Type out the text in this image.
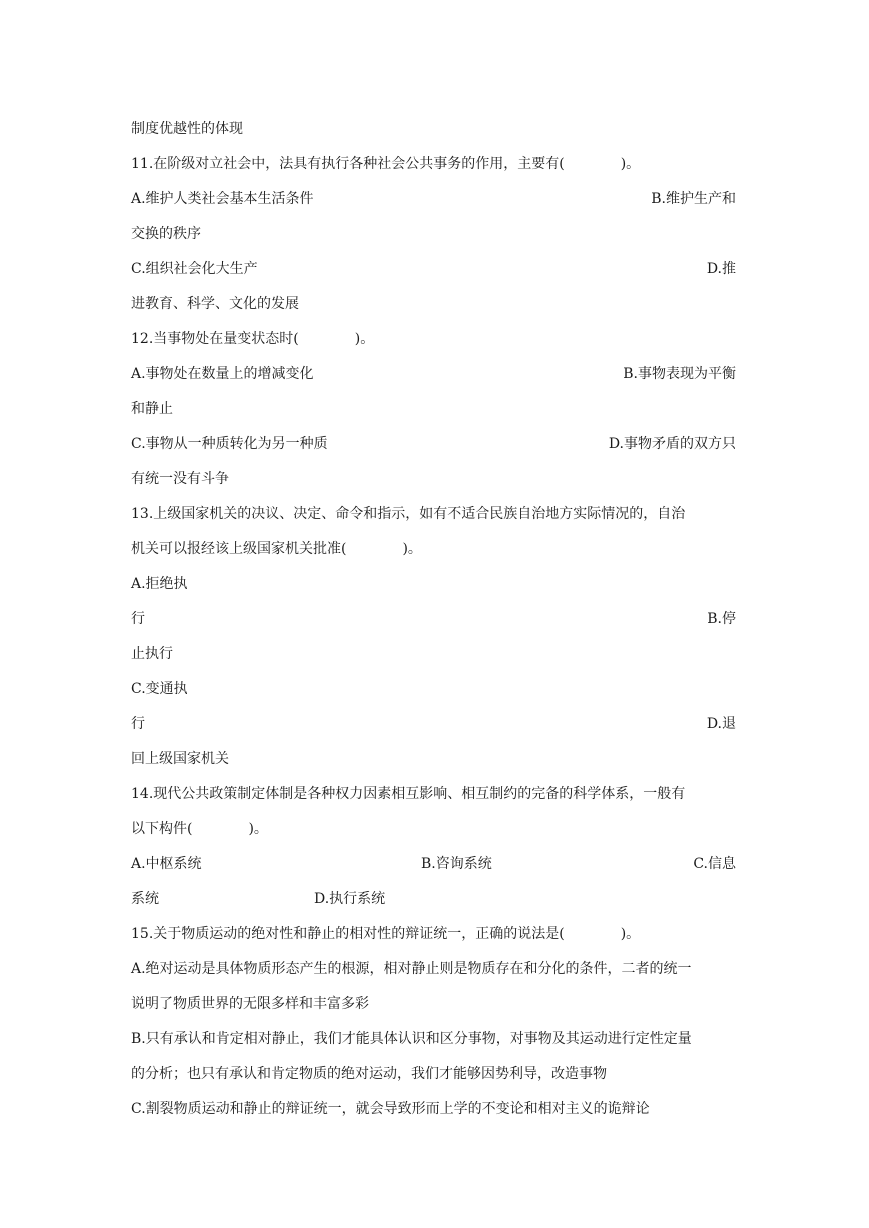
制度优越性的体现
11.在阶级对立社会中，法具有执行各种社会公共事务的作用，主要有(　　　　)。
A.维护人类社会基本生活条件	B.维护生产和
交换的秩序
C.组织社会化大生产	D.推
进教育、科学、文化的发展
12.当事物处在量变状态时(　　　　)。
A.事物处在数量上的增减变化	B.事物表现为平衡
和静止
C.事物从一种质转化为另一种质	D.事物矛盾的双方只
有统一没有斗争
13.上级国家机关的决议、决定、命令和指示，如有不适合民族自治地方实际情况的，自治
机关可以报经该上级国家机关批准(　　　　)。
A.拒绝执
行	B.停
止执行
C.变通执
行	D.退
回上级国家机关
14.现代公共政策制定体制是各种权力因素相互影响、相互制约的完备的科学体系，一般有
以下构件(　　　　)。
A.中枢系统	B.咨询系统	C.信息
系统	D.执行系统
15.关于物质运动的绝对性和静止的相对性的辩证统一，正确的说法是(　　　　)。
A.绝对运动是具体物质形态产生的根源，相对静止则是物质存在和分化的条件，二者的统一
说明了物质世界的无限多样和丰富多彩
B.只有承认和肯定相对静止，我们才能具体认识和区分事物，对事物及其运动进行定性定量
的分析；也只有承认和肯定物质的绝对运动，我们才能够因势利导，改造事物
C.割裂物质运动和静止的辩证统一，就会导致形而上学的不变论和相对主义的诡辩论
